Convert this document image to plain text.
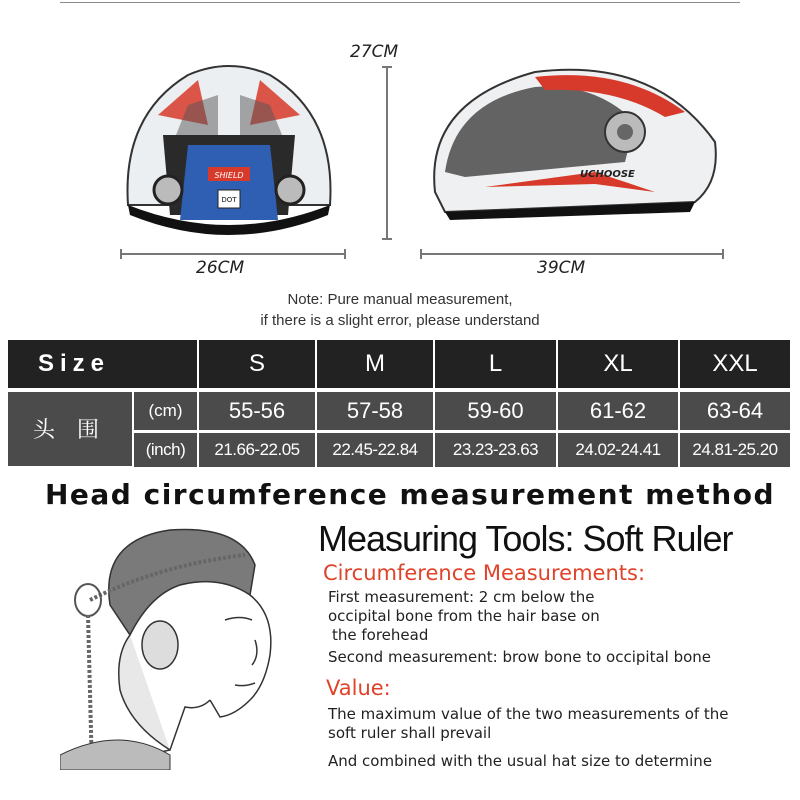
SHIELD
DOT
UCHOOSE
27CM
26CM	39CM
Note: Pure manual measurement,
if there is a slight error, please understand
Size		S	M	L	XL	XXL
头 围	(cm)	55-56	57-58	59-60	61-62	63-64
	(inch)	21.66-22.05	22.45-22.84	23.23-23.63	24.02-24.41	24.81-25.20
Head circumference measurement method
Measuring Tools: Soft Ruler
Circumference Measurements:
First measurement: 2 cm below the
occipital bone from the hair base on
the forehead
Second measurement: brow bone to occipital bone
Value:
The maximum value of the two measurements of the
soft ruler shall prevail
And combined with the usual hat size to determine
